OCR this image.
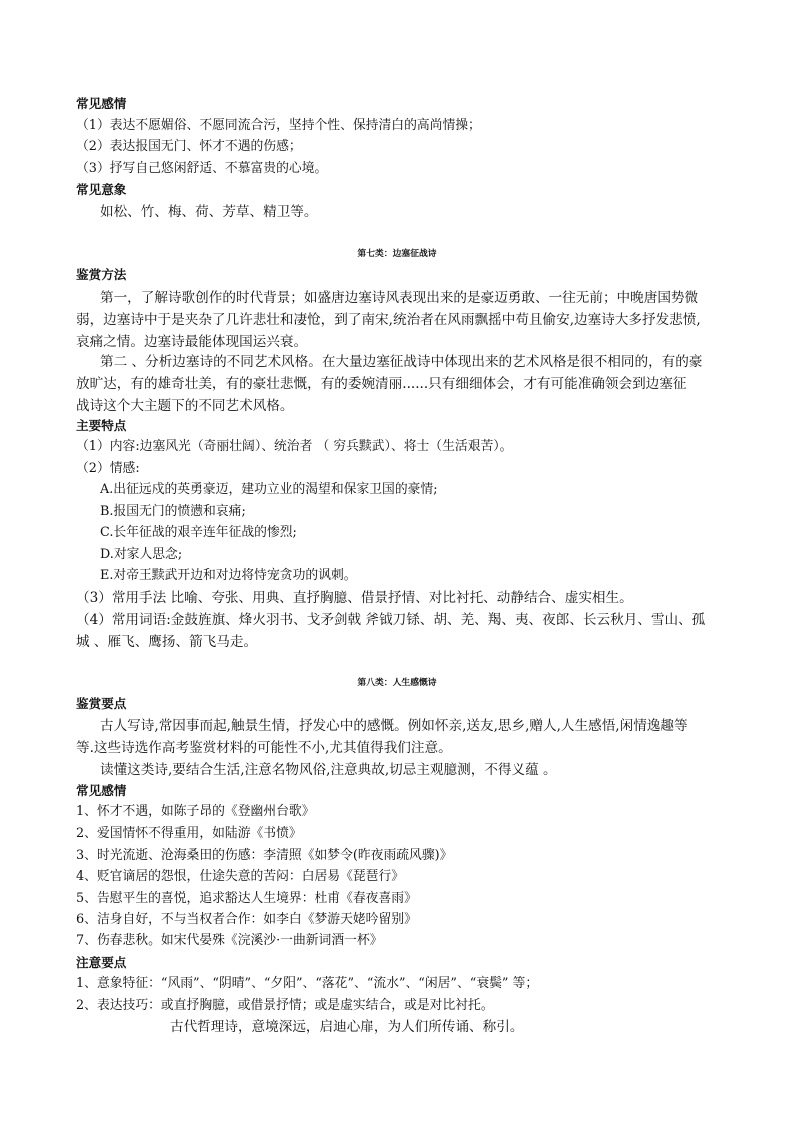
常见感情
（1）表达不愿媚俗、不愿同流合污，坚持个性、保持清白的高尚情操；
（2）表达报国无门、怀才不遇的伤感；
（3）抒写自己悠闲舒适、不慕富贵的心境。
常见意象
如松、竹、梅、荷、芳草、精卫等。
第七类：边塞征战诗
鉴赏方法
第一，了解诗歌创作的时代背景；如盛唐边塞诗风表现出来的是豪迈勇敢、一往无前；中晚唐国势微
弱，边塞诗中于是夹杂了几许悲壮和凄怆，到了南宋,统治者在风雨飘摇中苟且偷安,边塞诗大多抒发悲愤,
哀痛之情。边塞诗最能体现国运兴衰。
第二 、分析边塞诗的不同艺术风格。在大量边塞征战诗中体现出来的艺术风格是很不相同的，有的豪
放旷达，有的雄奇壮美，有的豪壮悲慨，有的委婉清丽......只有细细体会，才有可能准确领会到边塞征
战诗这个大主题下的不同艺术风格。
主要特点
（1）内容:边塞风光（奇丽壮阔）、统治者 （ 穷兵黩武）、将士（生活艰苦）。
（2）情感:
A.出征远戍的英勇豪迈，建功立业的渴望和保家卫国的豪情;
B.报国无门的愤懑和哀痛;
C.长年征战的艰辛连年征战的惨烈;
D.对家人思念;
E.对帝王黩武开边和对边将恃宠贪功的讽刺。
（3）常用手法 比喻、夸张、用典、直抒胸臆、借景抒情、对比衬托、动静结合、虚实相生。
（4）常用词语:金鼓旌旗、烽火羽书、戈矛剑戟 斧钺刀铩、胡、羌、羯、夷、夜郎、长云秋月、雪山、孤
城 、雁飞、鹰扬、箭飞马走。
第八类：人生感慨诗
鉴赏要点
古人写诗,常因事而起,触景生情，抒发心中的感慨。例如怀亲,送友,思乡,赠人,人生感悟,闲情逸趣等
等.这些诗选作高考鉴赏材料的可能性不小,尤其值得我们注意。
读懂这类诗,要结合生活,注意名物风俗,注意典故,切忌主观臆测，不得义蕴 。
常见感情
1、怀才不遇，如陈子昂的《登幽州台歌》
2、爱国情怀不得重用，如陆游《书愤》
3、时光流逝、沧海桑田的伤感：李清照《如梦令(昨夜雨疏风骤)》
4、贬官谪居的怨恨，仕途失意的苦闷：白居易《琵琶行》
5、告慰平生的喜悦，追求豁达人生境界：杜甫《春夜喜雨》
6、洁身自好，不与当权者合作：如李白《梦游天姥吟留别》
7、伤春悲秋。如宋代晏殊《浣溪沙·一曲新词酒一杯》
注意要点
1、意象特征：“风雨”、“阴晴”、“夕阳”、“落花”、“流水”、“闲居”、“衰鬓” 等；
2、表达技巧：或直抒胸臆，或借景抒情；或是虚实结合，或是对比衬托。
古代哲理诗，意境深远，启迪心扉，为人们所传诵、称引。
